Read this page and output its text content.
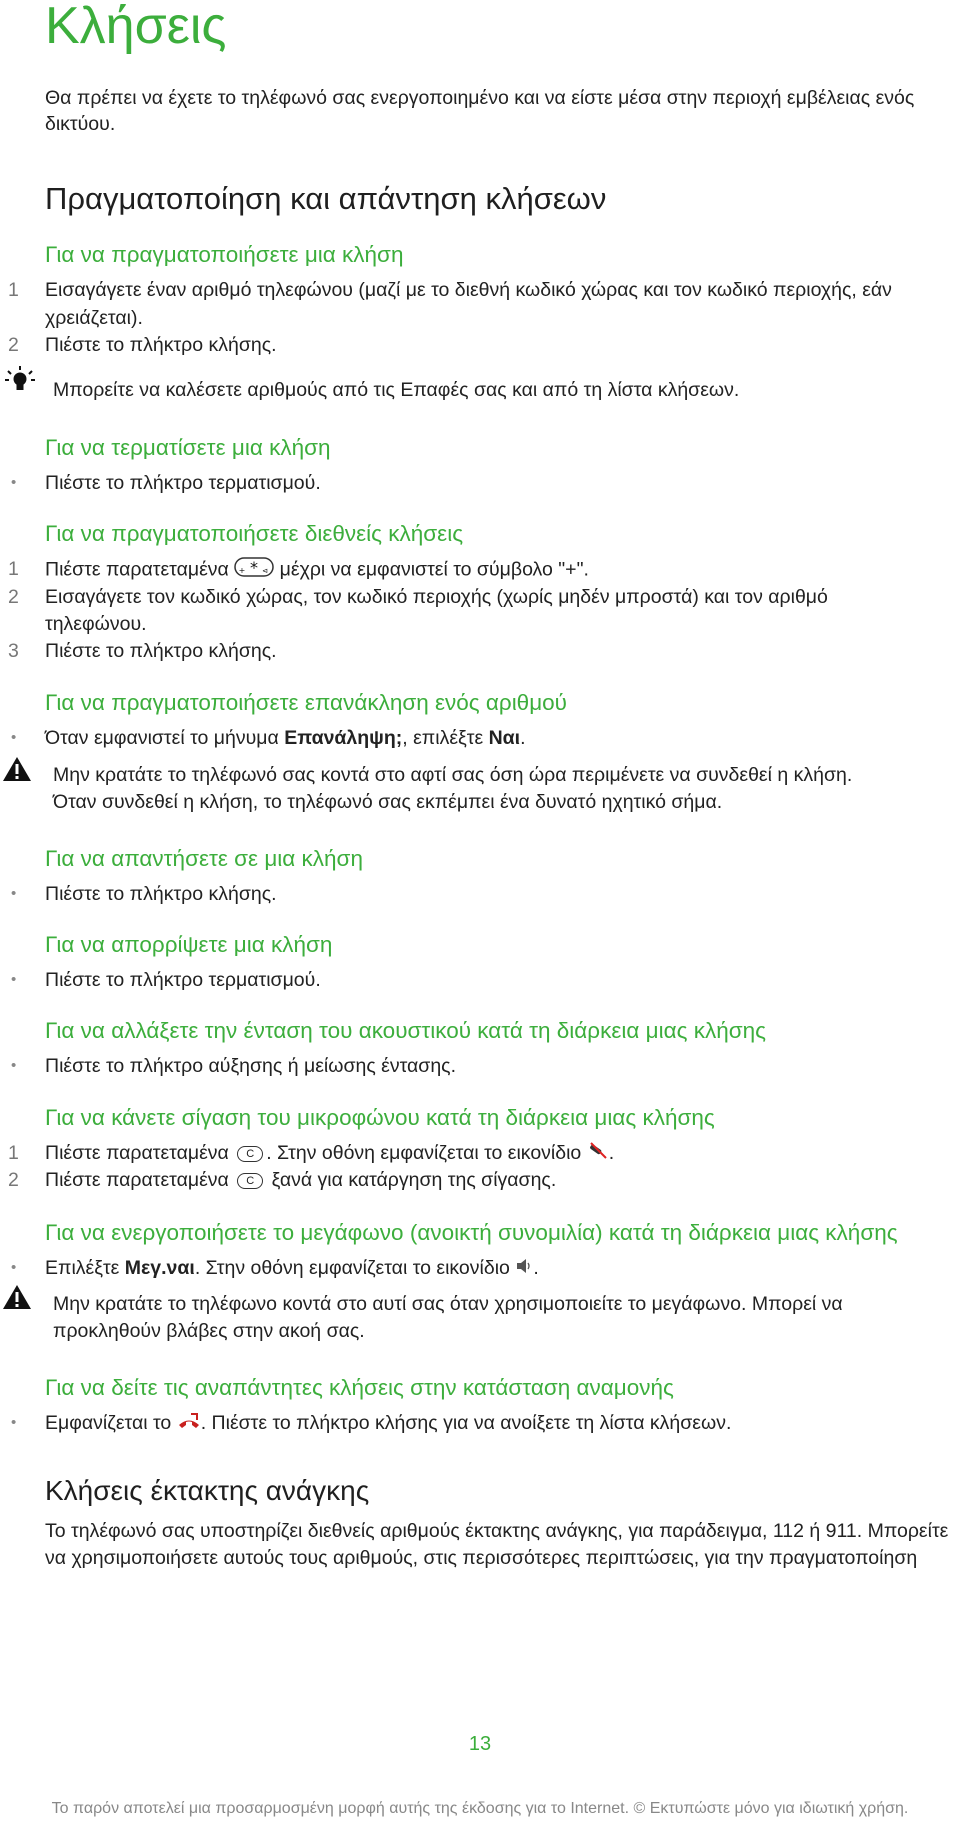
Κλήσεις
Θα πρέπει να έχετε το τηλέφωνό σας ενεργοποιημένο και να είστε μέσα στην περιοχή εμβέλειας ενός δικτύου.
Πραγματοποίηση και απάντηση κλήσεων
Για να πραγματοποιήσετε μια κλήση
1	Εισαγάγετε έναν αριθμό τηλεφώνου (μαζί με το διεθνή κωδικό χώρας και τον κωδικό περιοχής, εάν
χρειάζεται).
2	Πιέστε το πλήκτρο κλήσης.
Μπορείτε να καλέσετε αριθμούς από τις Επαφές σας και από τη λίστα κλήσεων.
Για να τερματίσετε μια κλήση
• Πιέστε το πλήκτρο τερματισμού.
Για να πραγματοποιήσετε διεθνείς κλήσεις
1	Πιέστε παρατεταμένα *
+ ⊲ μέχρι να εμφανιστεί το σύμβολο "+".
2	Εισαγάγετε τον κωδικό χώρας, τον κωδικό περιοχής (χωρίς μηδέν μπροστά) και τον αριθμό
τηλεφώνου.
3	Πιέστε το πλήκτρο κλήσης.
Για να πραγματοποιήσετε επανάκληση ενός αριθμού
• Όταν εμφανιστεί το μήνυμα Επανάληψη;, επιλέξτε Ναι.
Μην κρατάτε το τηλέφωνό σας κοντά στο αφτί σας όση ώρα περιμένετε να συνδεθεί η κλήση.
Όταν συνδεθεί η κλήση, το τηλέφωνό σας εκπέμπει ένα δυνατό ηχητικό σήμα.
Για να απαντήσετε σε μια κλήση
• Πιέστε το πλήκτρο κλήσης.
Για να απορρίψετε μια κλήση
• Πιέστε το πλήκτρο τερματισμού.
Για να αλλάξετε την ένταση του ακουστικού κατά τη διάρκεια μιας κλήσης
• Πιέστε το πλήκτρο αύξησης ή μείωσης έντασης.
Για να κάνετε σίγαση του μικροφώνου κατά τη διάρκεια μιας κλήσης
1	Πιέστε παρατεταμένα C . Στην οθόνη εμφανίζεται το εικονίδιο .
2	Πιέστε παρατεταμένα C ξανά για κατάργηση της σίγασης.
Για να ενεργοποιήσετε το μεγάφωνο (ανοικτή συνομιλία) κατά τη διάρκεια μιας κλήσης
• Επιλέξτε Μεγ.ναι. Στην οθόνη εμφανίζεται το εικονίδιο .
Μην κρατάτε το τηλέφωνο κοντά στο αυτί σας όταν χρησιμοποιείτε το μεγάφωνο. Μπορεί να
προκληθούν βλάβες στην ακοή σας.
Για να δείτε τις αναπάντητες κλήσεις στην κατάσταση αναμονής
• Εμφανίζεται το . Πιέστε το πλήκτρο κλήσης για να ανοίξετε τη λίστα κλήσεων.
Κλήσεις έκτακτης ανάγκης
Το τηλέφωνό σας υποστηρίζει διεθνείς αριθμούς έκτακτης ανάγκης, για παράδειγμα, 112 ή 911. Μπορείτε
να χρησιμοποιήσετε αυτούς τους αριθμούς, στις περισσότερες περιπτώσεις, για την πραγματοποίηση
13
Το παρόν αποτελεί μια προσαρμοσμένη μορφή αυτής της έκδοσης για το Internet. © Εκτυπώστε μόνο για ιδιωτική χρήση.
